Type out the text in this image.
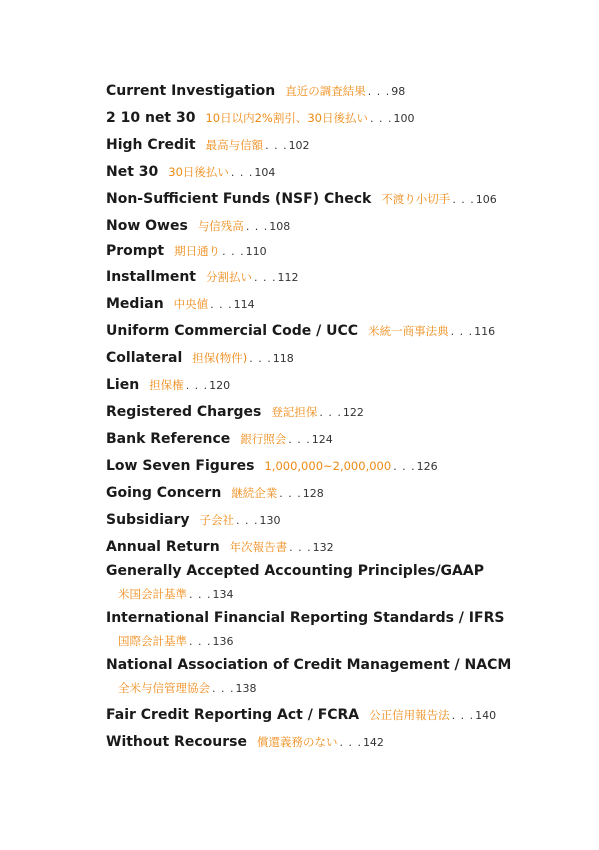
Current Investigation 直近の調査結果 . . .98
2 10 net 30 10日以内2%割引、30日後払い . . .100
High Credit 最高与信額 . . .102
Net 30 30日後払い . . .104
Non-Sufficient Funds (NSF) Check 不渡り小切手 . . .106
Now Owes 与信残高 . . .108
Prompt 期日通り . . .110
Installment 分割払い . . .112
Median 中央値 . . .114
Uniform Commercial Code / UCC 米統一商事法典 . . .116
Collateral 担保(物件) . . .118
Lien 担保権 . . .120
Registered Charges 登記担保 . . .122
Bank Reference 銀行照会 . . .124
Low Seven Figures 1,000,000~2,000,000 . . .126
Going Concern 継続企業 . . .128
Subsidiary 子会社 . . .130
Annual Return 年次報告書 . . .132
Generally Accepted Accounting Principles/GAAP
米国会計基準 . . .134
International Financial Reporting Standards / IFRS
国際会計基準 . . .136
National Association of Credit Management / NACM
全米与信管理協会 . . .138
Fair Credit Reporting Act / FCRA 公正信用報告法 . . .140
Without Recourse 償還義務のない . . .142
